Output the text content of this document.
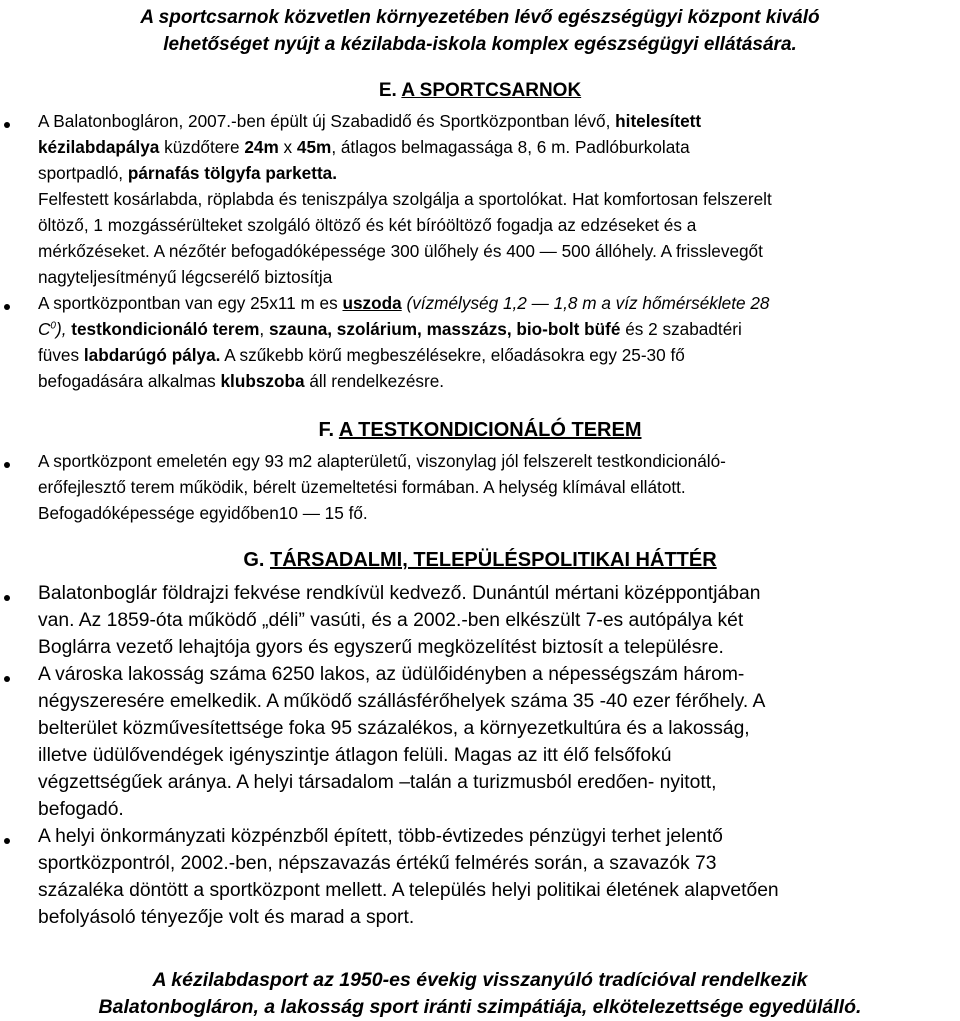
A sportcsarnok közvetlen környezetében lévő egészségügyi központ kiváló
lehetőséget nyújt a kézilabda-iskola komplex egészségügyi ellátására.
E. A SPORTCSARNOK
A Balatonbogláron, 2007.-ben épült új Szabadidő és Sportközpontban lévő, hitelesített
kézilabdapálya küzdőtere 24m x 45m, átlagos belmagassága 8, 6 m. Padlóburkolata
sportpadló, párnafás tölgyfa parketta.
Felfestett kosárlabda, röplabda és teniszpálya szolgálja a sportolókat. Hat komfortosan felszerelt
öltöző, 1 mozgássérülteket szolgáló öltöző és két bíróöltöző fogadja az edzéseket és a
mérkőzéseket. A nézőtér befogadóképessége 300 ülőhely és 400 — 500 állóhely. A frisslevegőt
nagyteljesítményű légcserélő biztosítja
A sportközpontban van egy 25x11 m es uszoda (vízmélység 1,2 — 1,8 m a víz hőmérséklete 28
$C^0$), testkondicionáló terem, szauna, szolárium, masszázs, bio-bolt büfé és 2 szabadtéri
füves labdarúgó pálya. A szűkebb körű megbeszélésekre, előadásokra egy 25-30 fő
befogadására alkalmas klubszoba áll rendelkezésre.
F. A TESTKONDICIONÁLÓ TEREM
A sportközpont emeletén egy 93 m2 alapterületű, viszonylag jól felszerelt testkondicionáló-
erőfejlesztő terem működik, bérelt üzemeltetési formában. A helység klímával ellátott.
Befogadóképessége egyidőben10 — 15 fő.
G. TÁRSADALMI, TELEPÜLÉSPOLITIKAI HÁTTÉR
Balatonboglár földrajzi fekvése rendkívül kedvező. Dunántúl mértani középpontjában
van. Az 1859-óta működő „déli” vasúti, és a 2002.-ben elkészült 7-es autópálya két
Boglárra vezető lehajtója gyors és egyszerű megközelítést biztosít a településre.
A városka lakosság száma 6250 lakos, az üdülőidényben a népességszám három-
négyszeresére emelkedik. A működő szállásférőhelyek száma 35 -40 ezer férőhely. A
belterület közművesítettsége foka 95 százalékos, a környezetkultúra és a lakosság,
illetve üdülővendégek igényszintje átlagon felüli. Magas az itt élő felsőfokú
végzettségűek aránya. A helyi társadalom –talán a turizmusból eredően- nyitott,
befogadó.
A helyi önkormányzati közpénzből épített, több-évtizedes pénzügyi terhet jelentő
sportközpontról, 2002.-ben, népszavazás értékű felmérés során, a szavazók 73
százaléka döntött a sportközpont mellett. A település helyi politikai életének alapvetően
befolyásoló tényezője volt és marad a sport.
A kézilabdasport az 1950-es évekig visszanyúló tradícióval rendelkezik
Balatonbogláron, a lakosság sport iránti szimpátiája, elkötelezettsége egyedülálló.
